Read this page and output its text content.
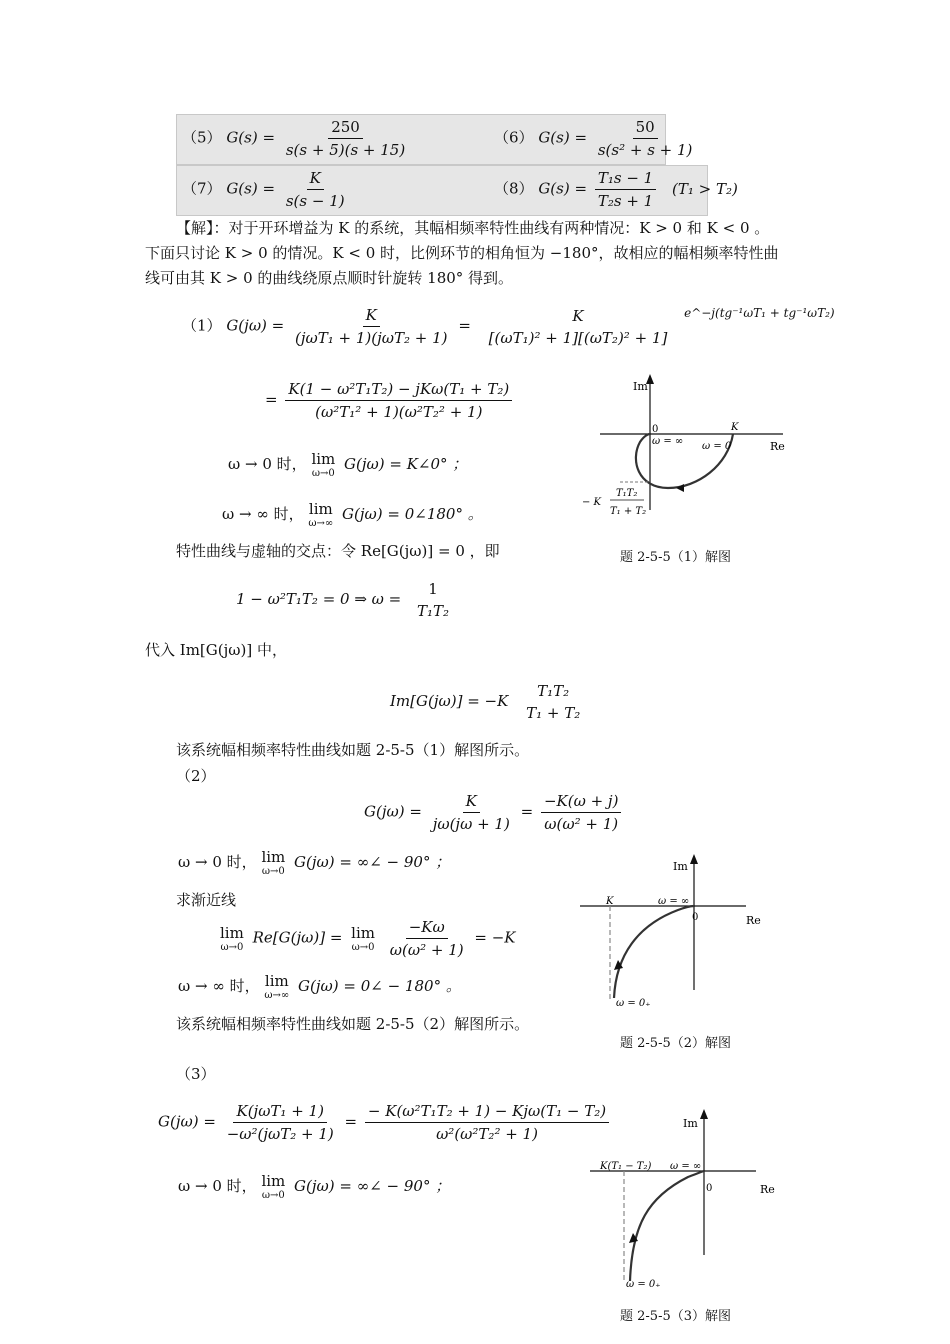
（5） $G(s) = \frac{250}{s(s + 5)(s + 15)}$	（6） $G(s) = \frac{50}{\text{s(s² + s + 1)}}$
（7） $G(s) = \frac{K}{s(s - 1)}$	（8） $G(s) = \frac{\text{T₁s − 1}}{\text{T₂s + 1}} (T_1 > T_2)$
【解】：对于开环增益为 K 的系统，其幅相频率特性曲线有两种情况：K > 0 和 K < 0 。
下面只讨论 K > 0 的情况。K < 0 时，比例环节的相角恒为 −180°，故相应的幅相频率特性曲
线可由其 K > 0 的曲线绕原点顺时针旋转 180° 得到。
（1） $G(j\omega) = \frac{K}{\text{(jωT₁ + 1)(jωT₂ + 1)}}$ =
K
[(ωT₁)² + 1][(ωT₂)² + 1]
$^{e\^{}-j(tg^{-1}\omega T_1 + tg^{-1}\omega T_2)}$
= $\frac{\text{K(1 − ω²T₁T₂) − jKω(T₁ + T₂)}}{\text{(ω²T₁² + 1)(ω²T₂² + 1)}}$
ω → 0 时， lim
ω→0
G(jω) = K∠0° ；
ω → ∞ 时， lim
ω→∞
G(jω) = 0∠180° 。
特性曲线与虚轴的交点：令 Re[G(jω)] = 0 ，即
1 − ω²T₁T₂ = 0 ⇒ ω =
1
T₁T₂
代入 Im[G(jω)] 中，
Im[G(jω)] = −K
T₁T₂
T₁ + T₂
该系统幅相频率特性曲线如题 2-5-5（1）解图所示。
Im
Re
0
ω = ∞ ω = 0
K
− K
T₁T₂
T₁ + T₂
题 2-5-5（1）解图
（2）
$G(j\omega) = \frac{K}{j\omega(j\omega + 1)} = \frac{-K(\omega + j)}{\text{ω(ω² + 1)}}$
ω → 0 时， lim
ω→0
G(jω) = ∞∠ − 90° ；
求渐近线
lim
ω→0
Re[G(jω)] = lim
ω→0
$\frac{-K\omega}{\text{ω(ω² + 1)}} = -K$
ω → ∞ 时， lim
ω→∞
G(jω) = 0∠ − 180° 。
该系统幅相频率特性曲线如题 2-5-5（2）解图所示。
Im
Re
0
K	ω = ∞
ω = 0₊
题 2-5-5（2）解图
（3）
$G(j\omega) = \frac{\text{K(jωT₁ + 1)}}{\text{−ω²(jωT₂ + 1)}} = \frac{\text{− K(ω²T₁T₂ + 1) − Kjω(T₁ − T₂)}}{\text{ω²(ω²T₂² + 1)}}$
ω → 0 时， lim
ω→0
G(jω) = ∞∠ − 90° ；
Im
Re
0
K(T₁ − T₂) ω = ∞
ω = 0₊
题 2-5-5（3）解图
